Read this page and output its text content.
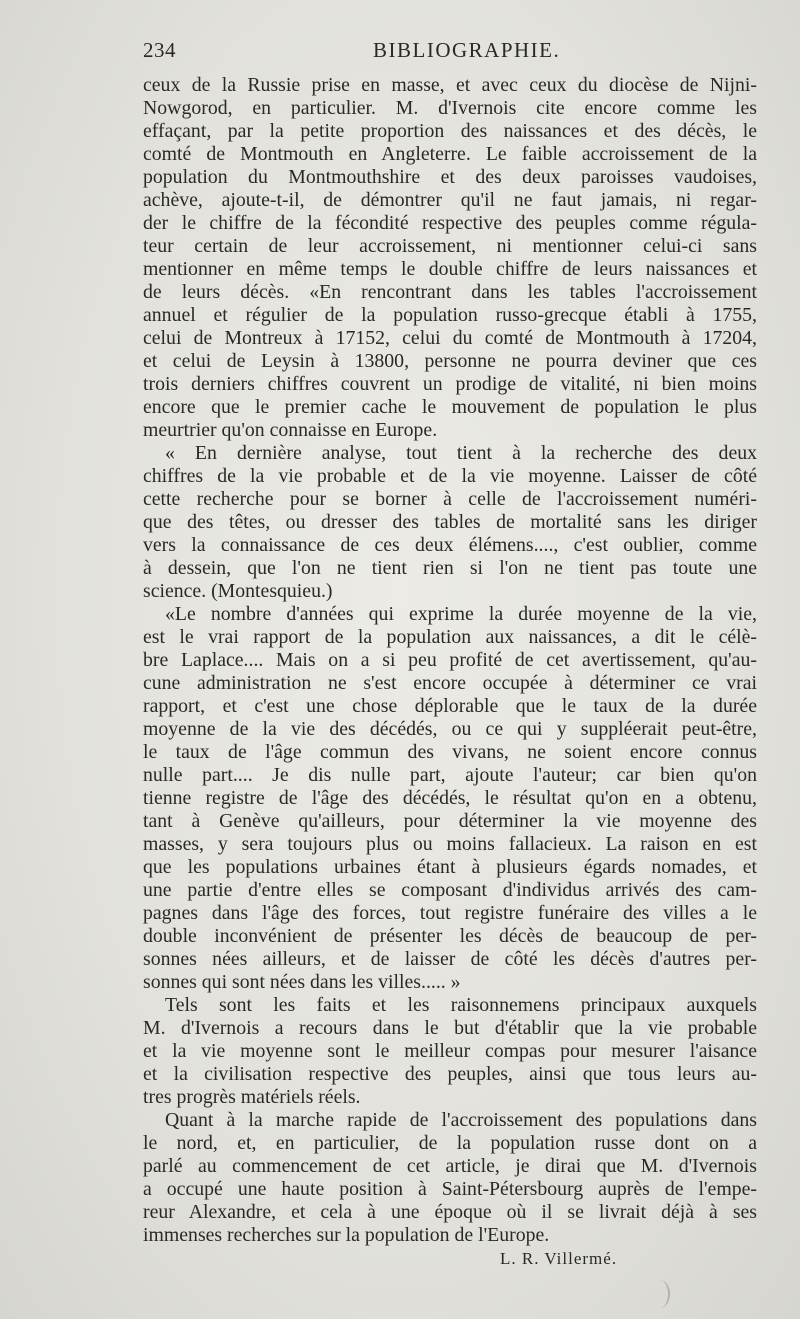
234	BIBLIOGRAPHIE.
ceux de la Russie prise en masse, et avec ceux du diocèse de Nijni-
Nowgorod, en particulier. M. d'Ivernois cite encore comme les
effaçant, par la petite proportion des naissances et des décès, le
comté de Montmouth en Angleterre. Le faible accroissement de la
population du Montmouthshire et des deux paroisses vaudoises,
achève, ajoute-t-il, de démontrer qu'il ne faut jamais, ni regar-
der le chiffre de la fécondité respective des peuples comme régula-
teur certain de leur accroissement, ni mentionner celui-ci sans
mentionner en même temps le double chiffre de leurs naissances et
de leurs décès. «En rencontrant dans les tables l'accroissement
annuel et régulier de la population russo-grecque établi à 1755,
celui de Montreux à 17152, celui du comté de Montmouth à 17204,
et celui de Leysin à 13800, personne ne pourra deviner que ces
trois derniers chiffres couvrent un prodige de vitalité, ni bien moins
encore que le premier cache le mouvement de population le plus
meurtrier qu'on connaisse en Europe.
« En dernière analyse, tout tient à la recherche des deux
chiffres de la vie probable et de la vie moyenne. Laisser de côté
cette recherche pour se borner à celle de l'accroissement numéri-
que des têtes, ou dresser des tables de mortalité sans les diriger
vers la connaissance de ces deux élémens...., c'est oublier, comme
à dessein, que l'on ne tient rien si l'on ne tient pas toute une
science. (Montesquieu.)
«Le nombre d'années qui exprime la durée moyenne de la vie,
est le vrai rapport de la population aux naissances, a dit le célè-
bre Laplace.... Mais on a si peu profité de cet avertissement, qu'au-
cune administration ne s'est encore occupée à déterminer ce vrai
rapport, et c'est une chose déplorable que le taux de la durée
moyenne de la vie des décédés, ou ce qui y suppléerait peut-être,
le taux de l'âge commun des vivans, ne soient encore connus
nulle part.... Je dis nulle part, ajoute l'auteur; car bien qu'on
tienne registre de l'âge des décédés, le résultat qu'on en a obtenu,
tant à Genève qu'ailleurs, pour déterminer la vie moyenne des
masses, y sera toujours plus ou moins fallacieux. La raison en est
que les populations urbaines étant à plusieurs égards nomades, et
une partie d'entre elles se composant d'individus arrivés des cam-
pagnes dans l'âge des forces, tout registre funéraire des villes a le
double inconvénient de présenter les décès de beaucoup de per-
sonnes nées ailleurs, et de laisser de côté les décès d'autres per-
sonnes qui sont nées dans les villes..... »
Tels sont les faits et les raisonnemens principaux auxquels
M. d'Ivernois a recours dans le but d'établir que la vie probable
et la vie moyenne sont le meilleur compas pour mesurer l'aisance
et la civilisation respective des peuples, ainsi que tous leurs au-
tres progrès matériels réels.
Quant à la marche rapide de l'accroissement des populations dans
le nord, et, en particulier, de la population russe dont on a
parlé au commencement de cet article, je dirai que M. d'Ivernois
a occupé une haute position à Saint-Pétersbourg auprès de l'empe-
reur Alexandre, et cela à une époque où il se livrait déjà à ses
immenses recherches sur la population de l'Europe.
L. R. Villermé.
